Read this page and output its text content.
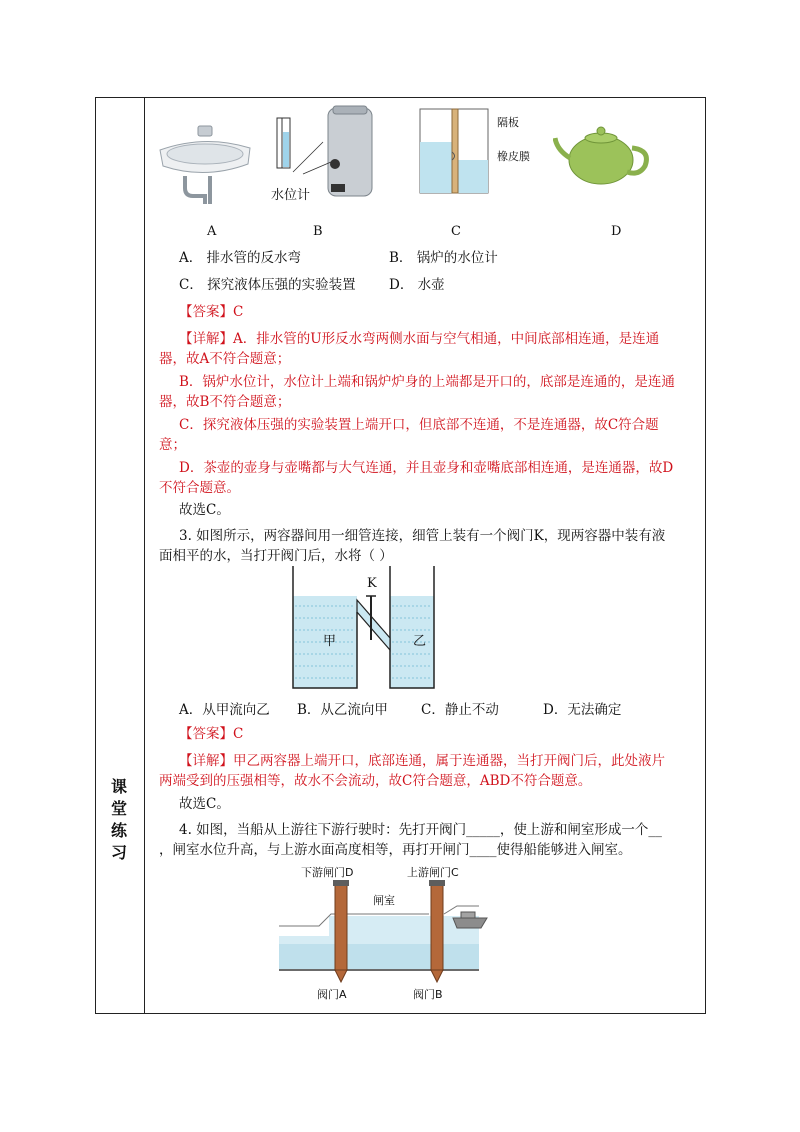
课
堂
练
习
A
水位计
B
隔板
橡皮膜
C	D
A． 排水管的反水弯	B． 锅炉的水位计
C． 探究液体压强的实验装置 D． 水壶
【答案】C
【详解】A．排水管的U形反水弯两侧水面与空气相通，中间底部相连通，是连通
器，故A不符合题意；
B．锅炉水位计，水位计上端和锅炉炉身的上端都是开口的，底部是连通的，是连通
器，故B不符合题意；
C．探究液体压强的实验装置上端开口，但底部不连通，不是连通器，故C符合题
意；
D．茶壶的壶身与壶嘴都与大气连通，并且壶身和壶嘴底部相连通，是连通器，故D
不符合题意。
故选C。
3. 如图所示，两容器间用一细管连接，细管上装有一个阀门K，现两容器中装有液
面相平的水，当打开阀门后，水将（ ）
K
甲	乙
A．从甲流向乙 B．从乙流向甲 C．静止不动	D．无法确定
【答案】C
【详解】甲乙两容器上端开口，底部连通，属于连通器，当打开阀门后，此处液片
两端受到的压强相等，故水不会流动，故C符合题意，ABD不符合题意。
故选C。
4. 如图，当船从上游往下游行驶时：先打开阀门_____，使上游和闸室形成一个__
，闸室水位升高，与上游水面高度相等，再打开闸门____使得船能够进入闸室。
下游闸门D	上游闸门C
闸室
阀门A	阀门B
